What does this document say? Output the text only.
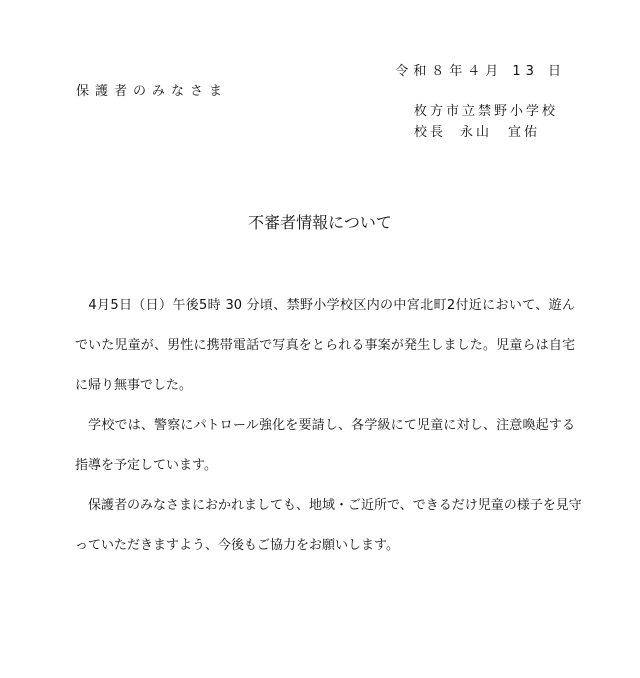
令和８年４月 13 日
保護者のみなさま
枚方市立禁野小学校
校長 永山　宜佑
不審者情報について

　4月5日（日）午後5時 30 分頃、禁野小学校区内の中宮北町2付近において、遊ん
でいた児童が、男性に携帯電話で写真をとられる事案が発生しました。児童らは自宅
に帰り無事でした。

　学校では、警察にパトロール強化を要請し、各学級にて児童に対し、注意喚起する
指導を予定しています。

　保護者のみなさまにおかれましても、地域・ご近所で、できるだけ児童の様子を見守
っていただきますよう、今後もご協力をお願いします。
